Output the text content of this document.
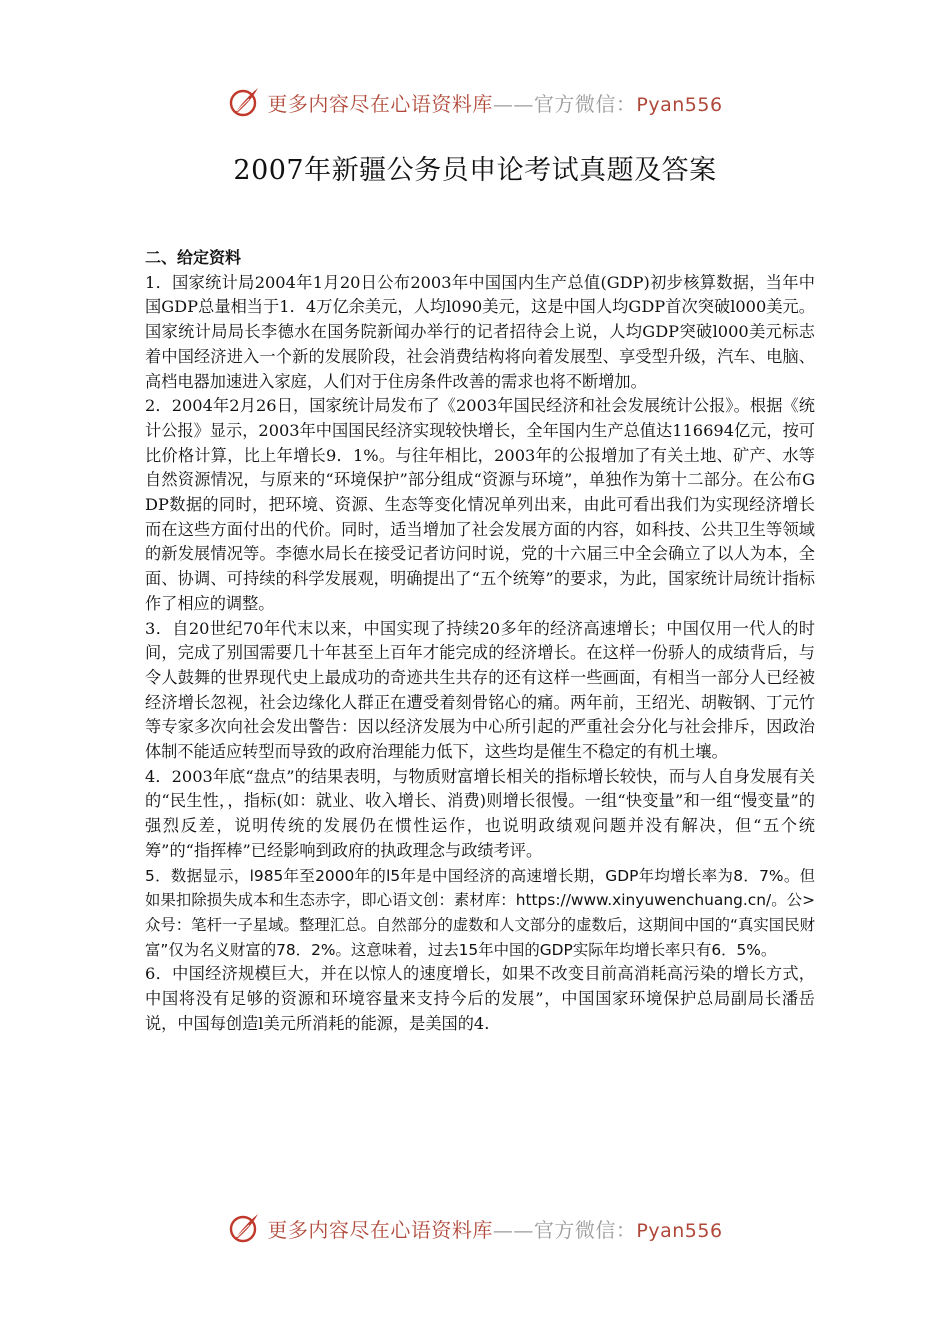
更多内容尽在心语资料库——官方微信：Pyan556
2007年新疆公务员申论考试真题及答案

二、给定资料

1．国家统计局2004年1月20日公布2003年中国国内生产总值(GDP)初步核算数据，当年中国GDP总量相当于1．4万亿余美元，人均l090美元，这是中国人均GDP首次突破l000美元。国家统计局局长李德水在国务院新闻办举行的记者招待会上说，人均GDP突破l000美元标志着中国经济进入一个新的发展阶段，社会消费结构将向着发展型、享受型升级，汽车、电脑、高档电器加速进入家庭，人们对于住房条件改善的需求也将不断增加。

2．2004年2月26日，国家统计局发布了《2003年国民经济和社会发展统计公报》。根据《统计公报》显示，2003年中国国民经济实现较快增长，全年国内生产总值达116694亿元，按可比价格计算，比上年增长9．1%。与往年相比，2003年的公报增加了有关土地、矿产、水等自然资源情况，与原来的“环境保护”部分组成“资源与环境”，单独作为第十二部分。在公布GDP数据的同时，把环境、资源、生态等变化情况单列出来，由此可看出我们为实现经济增长而在这些方面付出的代价。同时，适当增加了社会发展方面的内容，如科技、公共卫生等领域的新发展情况等。李德水局长在接受记者访问时说，党的十六届三中全会确立了以人为本，全面、协调、可持续的科学发展观，明确提出了“五个统筹”的要求，为此，国家统计局统计指标作了相应的调整。

3．自20世纪70年代末以来，中国实现了持续20多年的经济高速增长；中国仅用一代人的时间，完成了别国需要几十年甚至上百年才能完成的经济增长。在这样一份骄人的成绩背后，与令人鼓舞的世界现代史上最成功的奇迹共生共存的还有这样一些画面，有相当一部分人已经被经济增长忽视，社会边缘化人群正在遭受着刻骨铭心的痛。两年前，王绍光、胡鞍钢、丁元竹等专家多次向社会发出警告：因以经济发展为中心所引起的严重社会分化与社会排斥，因政治体制不能适应转型而导致的政府治理能力低下，这些均是催生不稳定的有机土壤。

4．2003年底“盘点”的结果表明，与物质财富增长相关的指标增长较快，而与人自身发展有关的“民生性，，指标(如：就业、收入增长、消费)则增长很慢。一组“快变量”和一组“慢变量”的强烈反差，说明传统的发展仍在惯性运作，也说明政绩观问题并没有解决，但“五个统筹”的“指挥棒”已经影响到政府的执政理念与政绩考评。

5．数据显示，l985年至2000年的l5年是中国经济的高速增长期，GDP年均增长率为8．7%。但如果扣除损失成本和生态赤字，即心语文创：素材库：https://www.xinyuwenchuang.cn/。公>众号：笔杆一子星域。整理汇总。自然部分的虚数和人文部分的虚数后，这期间中国的“真实国民财富”仅为名义财富的78．2%。这意味着，过去15年中国的GDP实际年均增长率只有6．5%。

6．中国经济规模巨大，并在以惊人的速度增长，如果不改变目前高消耗高污染的增长方式，中国将没有足够的资源和环境容量来支持今后的发展”，中国国家环境保护总局副局长潘岳说，中国每创造l美元所消耗的能源，是美国的4.

更多内容尽在心语资料库——官方微信：Pyan556
